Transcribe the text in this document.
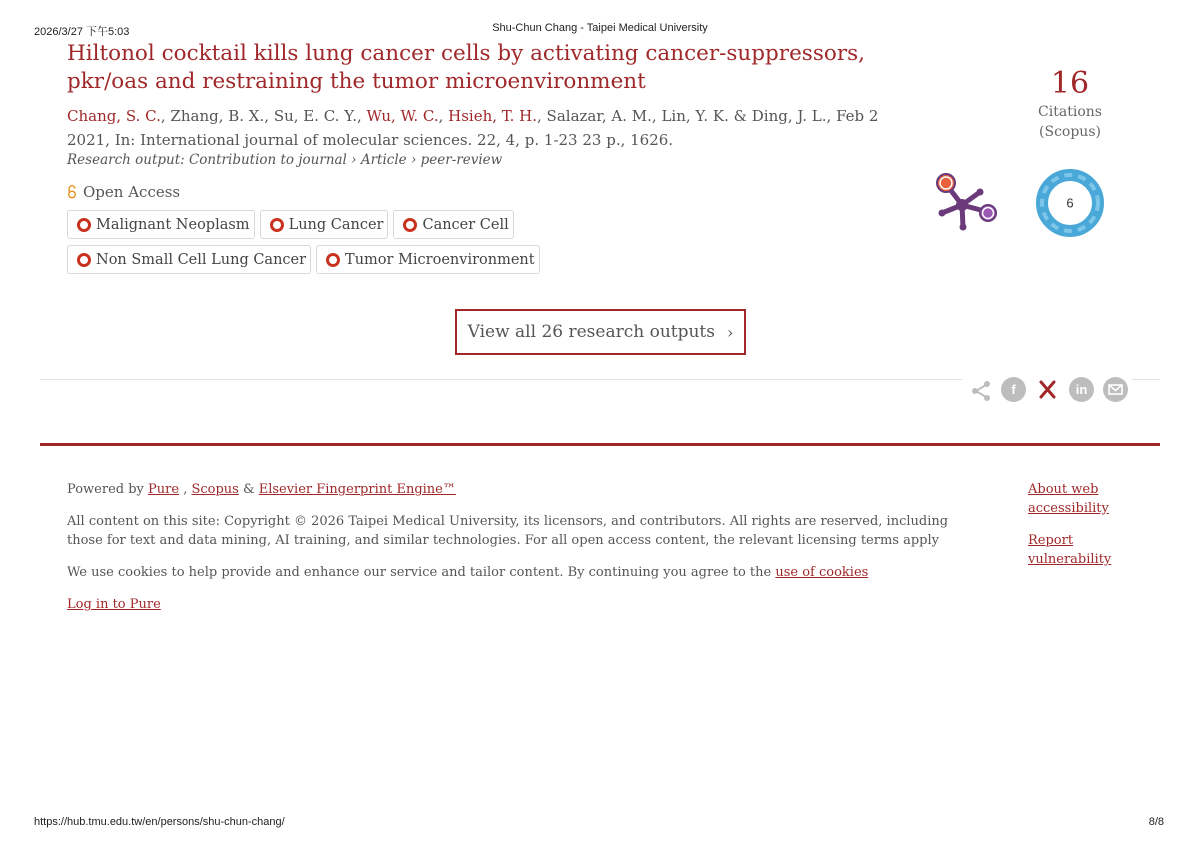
2026/3/27 下午5:03	Shu-Chun Chang - Taipei Medical University
Hiltonol cocktail kills lung cancer cells by activating cancer-suppressors, pkr/oas and restraining the tumor microenvironment
Chang, S. C., Zhang, B. X., Su, E. C. Y., Wu, W. C., Hsieh, T. H., Salazar, A. M., Lin, Y. K. & Ding, J. L., Feb 2 2021, In: International journal of molecular sciences. 22, 4, p. 1-23 23 p., 1626.
Research output: Contribution to journal › Article › peer-review
Open Access
Malignant Neoplasm	Lung Cancer	Cancer Cell
Non Small Cell Lung Cancer	Tumor Microenvironment
16
Citations
(Scopus)
6
View all 26 research outputs ›
f	in
Powered by Pure , Scopus & Elsevier Fingerprint Engine™
All content on this site: Copyright © 2026 Taipei Medical University, its licensors, and contributors. All rights are reserved, including those for text and data mining, AI training, and similar technologies. For all open access content, the relevant licensing terms apply
We use cookies to help provide and enhance our service and tailor content. By continuing you agree to the use of cookies
Log in to Pure
About web accessibility
Report vulnerability
https://hub.tmu.edu.tw/en/persons/shu-chun-chang/	8/8
